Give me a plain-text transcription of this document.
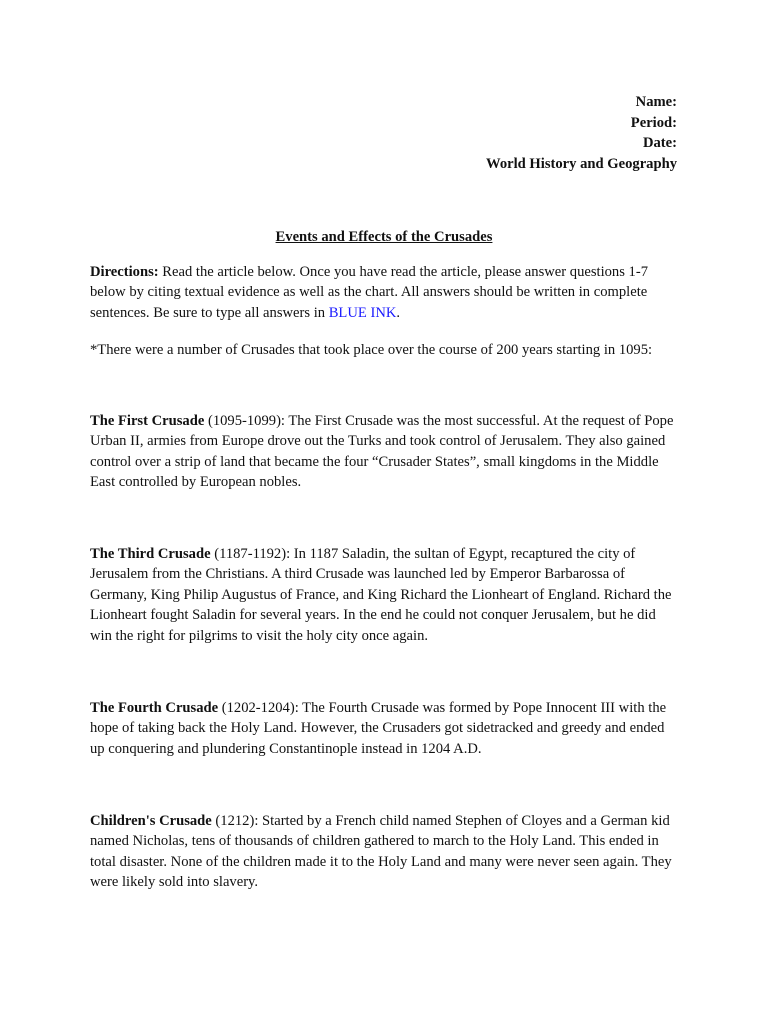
Name:
Period:
Date:
World History and Geography
Events and Effects of the Crusades

Directions: Read the article below. Once you have read the article, please answer questions 1-7 below by citing textual evidence as well as the chart. All answers should be written in complete sentences. Be sure to type all answers in BLUE INK.

*There were a number of Crusades that took place over the course of 200 years starting in 1095:

The First Crusade (1095-1099): The First Crusade was the most successful. At the request of Pope Urban II, armies from Europe drove out the Turks and took control of Jerusalem. They also gained control over a strip of land that became the four “Crusader States”, small kingdoms in the Middle East controlled by European nobles.

The Third Crusade (1187-1192): In 1187 Saladin, the sultan of Egypt, recaptured the city of Jerusalem from the Christians. A third Crusade was launched led by Emperor Barbarossa of Germany, King Philip Augustus of France, and King Richard the Lionheart of England. Richard the Lionheart fought Saladin for several years. In the end he could not conquer Jerusalem, but he did win the right for pilgrims to visit the holy city once again.

The Fourth Crusade (1202-1204): The Fourth Crusade was formed by Pope Innocent III with the hope of taking back the Holy Land. However, the Crusaders got sidetracked and greedy and ended up conquering and plundering Constantinople instead in 1204 A.D.

Children's Crusade (1212): Started by a French child named Stephen of Cloyes and a German kid named Nicholas, tens of thousands of children gathered to march to the Holy Land. This ended in total disaster. None of the children made it to the Holy Land and many were never seen again. They were likely sold into slavery.
